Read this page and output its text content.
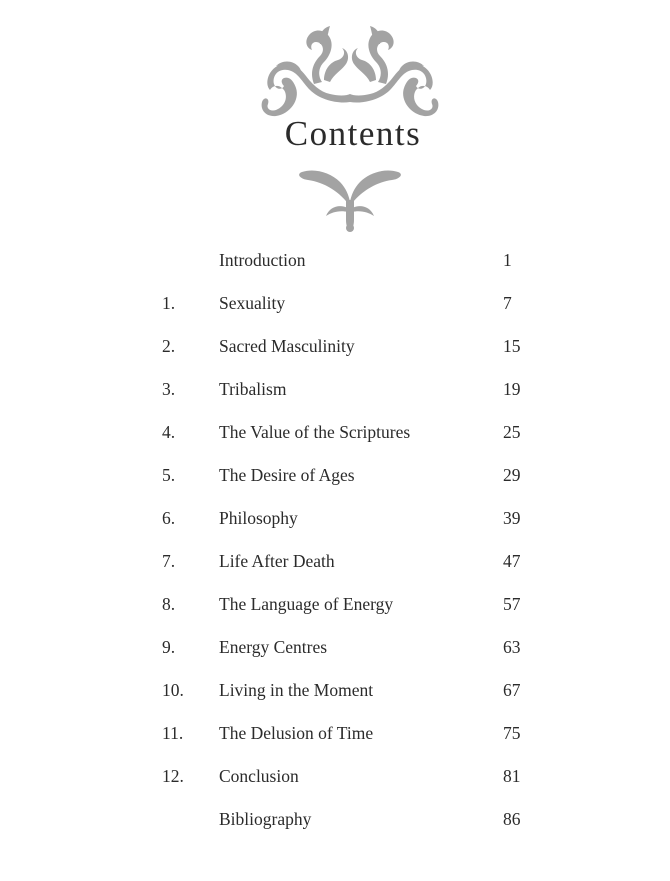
Contents
Introduction	1
1.	Sexuality	7
2.	Sacred Masculinity	15
3.	Tribalism	19
4.	The Value of the Scriptures	25
5.	The Desire of Ages	29
6.	Philosophy	39
7.	Life After Death	47
8.	The Language of Energy	57
9.	Energy Centres	63
10. Living in the Moment	67
11. The Delusion of Time	75
12. Conclusion	81
Bibliography	86
